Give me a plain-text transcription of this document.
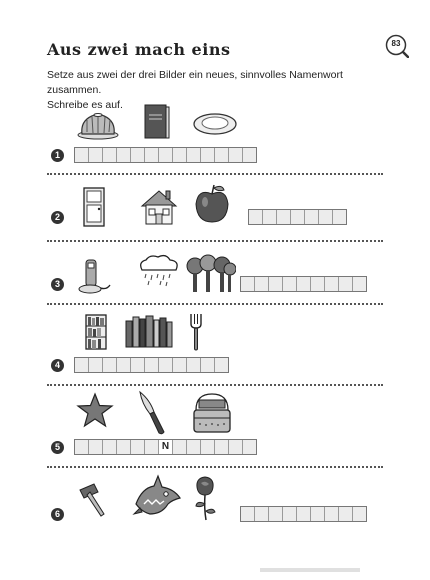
Aus zwei mach eins	83
Setze aus zwei der drei Bilder ein neues, sinnvolles Namenwort zusammen.
Schreibe es auf.
1
2
3
4
5	N
6
